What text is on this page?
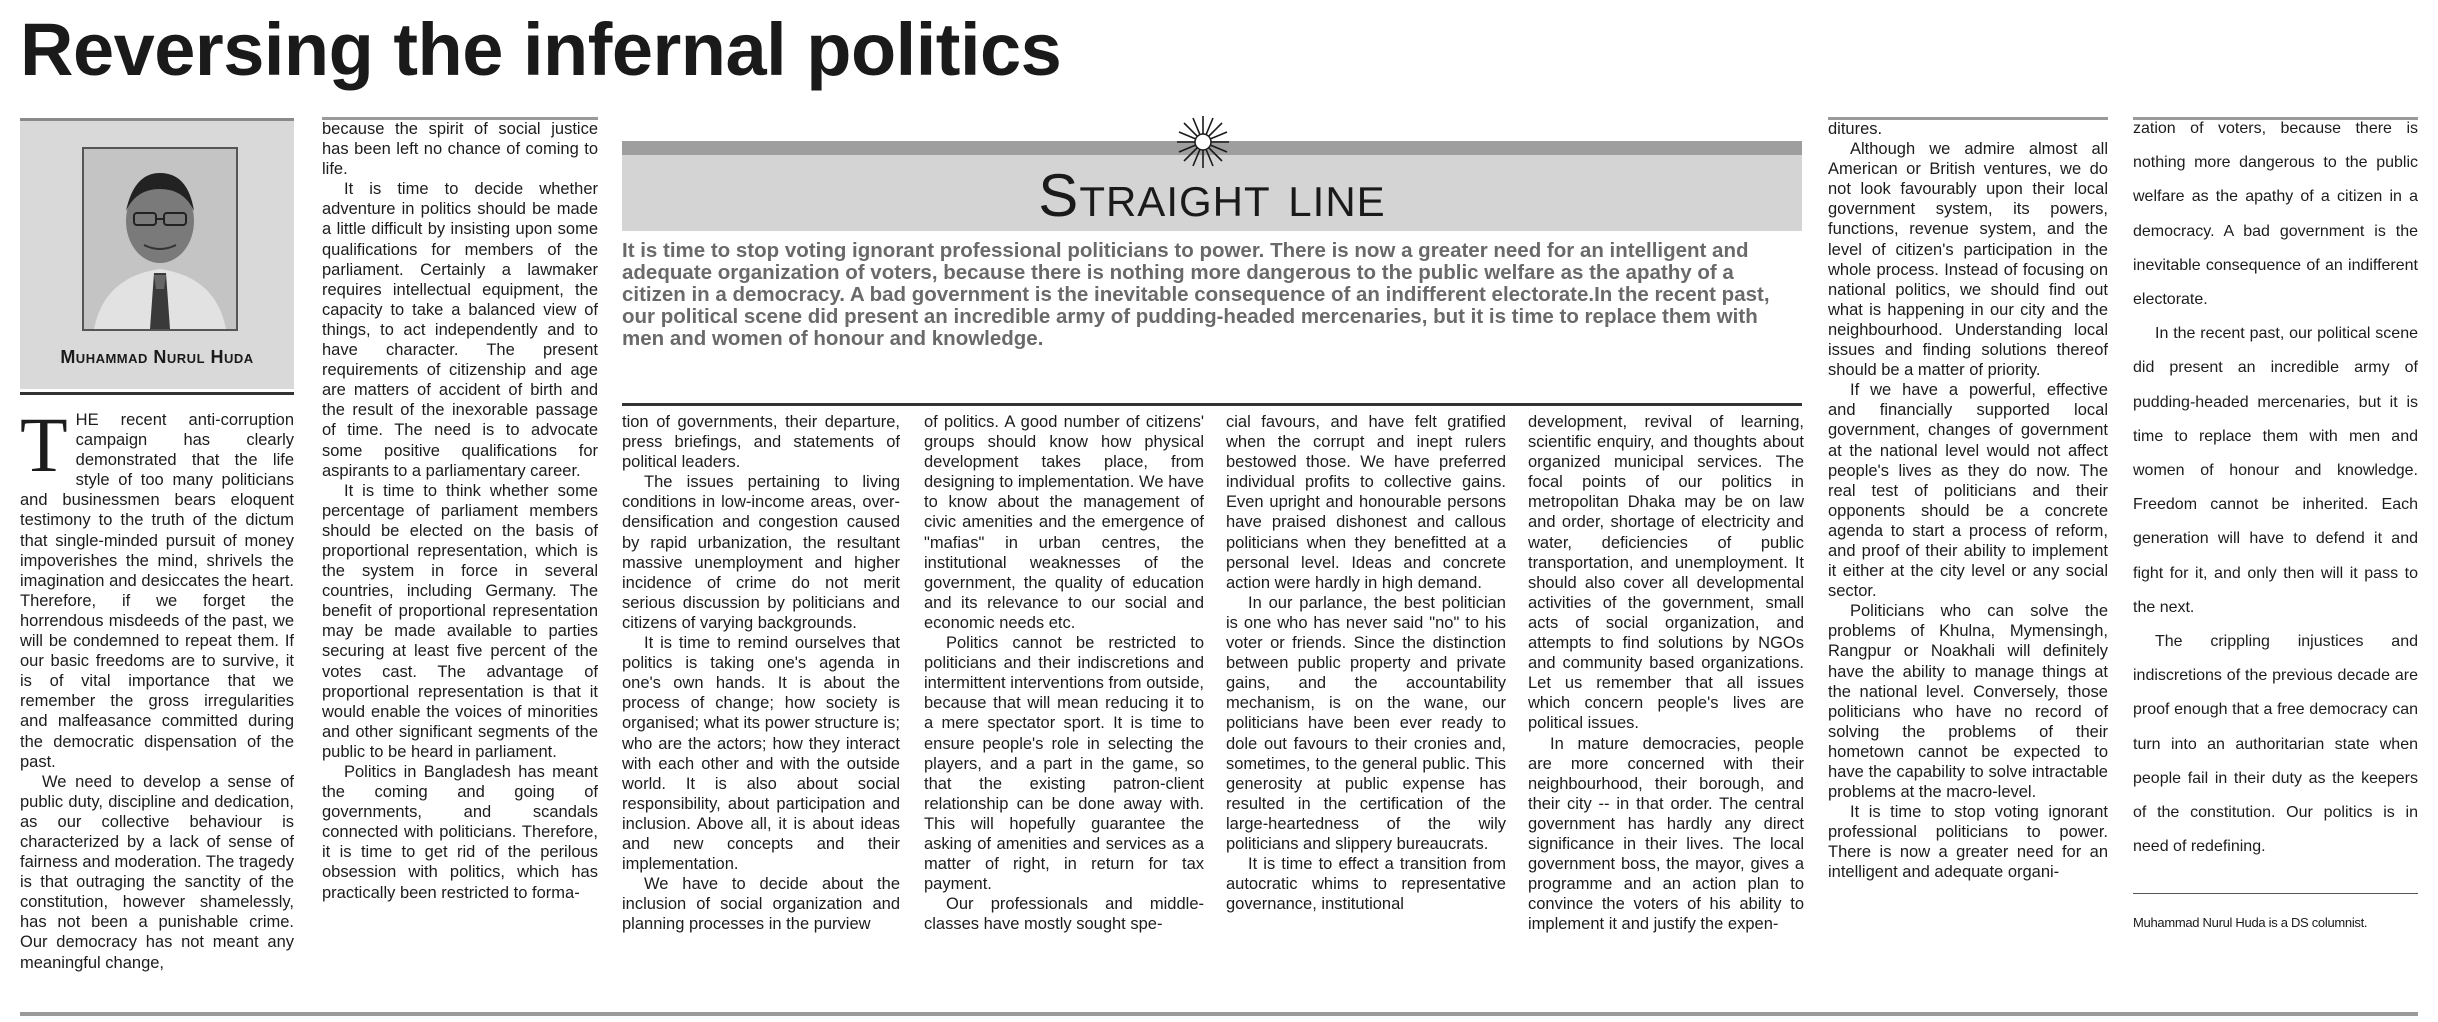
Reversing the infernal politics
Muhammad Nurul Huda

THE recent anti-corruption campaign has clearly demonstrated that the life style of too many politicians and businessmen bears eloquent testimony to the truth of the dictum that single-minded pursuit of money impoverishes the mind, shrivels the imagination and desiccates the heart. Therefore, if we forget the horrendous misdeeds of the past, we will be condemned to repeat them. If our basic freedoms are to survive, it is of vital importance that we remember the gross irregularities and malfeasance committed during the democratic dispensation of the past.

We need to develop a sense of public duty, discipline and dedication, as our collective behaviour is characterized by a lack of sense of fairness and moderation. The tragedy is that outraging the sanctity of the constitution, however shamelessly, has not been a punishable crime. Our democracy has not meant any meaningful change,

because the spirit of social justice has been left no chance of coming to life.

It is time to decide whether adventure in politics should be made a little difficult by insisting upon some qualifications for members of the parliament. Certainly a lawmaker requires intellectual equipment, the capacity to take a balanced view of things, to act independently and to have character. The present requirements of citizenship and age are matters of accident of birth and the result of the inexorable passage of time. The need is to advocate some positive qualifications for aspirants to a parliamentary career.

It is time to think whether some percentage of parliament members should be elected on the basis of proportional representation, which is the system in force in several countries, including Germany. The benefit of proportional representation may be made available to parties securing at least five percent of the votes cast. The advantage of proportional representation is that it would enable the voices of minorities and other significant segments of the public to be heard in parliament.

Politics in Bangladesh has meant the coming and going of governments, and scandals connected with politicians. Therefore, it is time to get rid of the perilous obsession with politics, which has practically been restricted to forma-

Straight line
It is time to stop voting ignorant professional politicians to power. There is now a greater need for an intelligent and adequate organization of voters, because there is nothing more dangerous to the public welfare as the apathy of a citizen in a democracy. A bad government is the inevitable consequence of an indifferent electorate.In the recent past, our political scene did present an incredible army of pudding-headed mercenaries, but it is time to replace them with men and women of honour and knowledge.

tion of governments, their departure, press briefings, and statements of political leaders.

The issues pertaining to living conditions in low-income areas, over-densification and congestion caused by rapid urbanization, the resultant massive unemployment and higher incidence of crime do not merit serious discussion by politicians and citizens of varying backgrounds.

It is time to remind ourselves that politics is taking one's agenda in one's own hands. It is about the process of change; how society is organised; what its power structure is; who are the actors; how they interact with each other and with the outside world. It is also about social responsibility, about participation and inclusion. Above all, it is about ideas and new concepts and their implementation.

We have to decide about the inclusion of social organization and planning processes in the purview

of politics. A good number of citizens' groups should know how physical development takes place, from designing to implementation. We have to know about the management of civic amenities and the emergence of "mafias" in urban centres, the institutional weaknesses of the government, the quality of education and its relevance to our social and economic needs etc.

Politics cannot be restricted to politicians and their indiscretions and intermittent interventions from outside, because that will mean reducing it to a mere spectator sport. It is time to ensure people's role in selecting the players, and a part in the game, so that the existing patron-client relationship can be done away with. This will hopefully guarantee the asking of amenities and services as a matter of right, in return for tax payment.

Our professionals and middle-classes have mostly sought spe-

cial favours, and have felt gratified when the corrupt and inept rulers bestowed those. We have preferred individual profits to collective gains. Even upright and honourable persons have praised dishonest and callous politicians when they benefitted at a personal level. Ideas and concrete action were hardly in high demand.

In our parlance, the best politician is one who has never said "no" to his voter or friends. Since the distinction between public property and private gains, and the accountability mechanism, is on the wane, our politicians have been ever ready to dole out favours to their cronies and, sometimes, to the general public. This generosity at public expense has resulted in the certification of the large-heartedness of the wily politicians and slippery bureaucrats.

It is time to effect a transition from autocratic whims to representative governance, institutional

development, revival of learning, scientific enquiry, and thoughts about organized municipal services. The focal points of our politics in metropolitan Dhaka may be on law and order, shortage of electricity and water, deficiencies of public transportation, and unemployment. It should also cover all developmental activities of the government, small acts of social organization, and attempts to find solutions by NGOs and community based organizations. Let us remember that all issues which concern people's lives are political issues.

In mature democracies, people are more concerned with their neighbourhood, their borough, and their city -- in that order. The central government has hardly any direct significance in their lives. The local government boss, the mayor, gives a programme and an action plan to convince the voters of his ability to implement it and justify the expen-

ditures.

Although we admire almost all American or British ventures, we do not look favourably upon their local government system, its powers, functions, revenue system, and the level of citizen's participation in the whole process. Instead of focusing on national politics, we should find out what is happening in our city and the neighbourhood. Understanding local issues and finding solutions thereof should be a matter of priority.

If we have a powerful, effective and financially supported local government, changes of government at the national level would not affect people's lives as they do now. The real test of politicians and their opponents should be a concrete agenda to start a process of reform, and proof of their ability to implement it either at the city level or any social sector.

Politicians who can solve the problems of Khulna, Mymensingh, Rangpur or Noakhali will definitely have the ability to manage things at the national level. Conversely, those politicians who have no record of solving the problems of their hometown cannot be expected to have the capability to solve intractable problems at the macro-level.

It is time to stop voting ignorant professional politicians to power. There is now a greater need for an intelligent and adequate organi-

zation of voters, because there is nothing more dangerous to the public welfare as the apathy of a citizen in a democracy. A bad government is the inevitable consequence of an indifferent electorate.

In the recent past, our political scene did present an incredible army of pudding-headed mercenaries, but it is time to replace them with men and women of honour and knowledge. Freedom cannot be inherited. Each generation will have to defend it and fight for it, and only then will it pass to the next.

The crippling injustices and indiscretions of the previous decade are proof enough that a free democracy can turn into an authoritarian state when people fail in their duty as the keepers of the constitution. Our politics is in need of redefining.

Muhammad Nurul Huda is a DS columnist.
